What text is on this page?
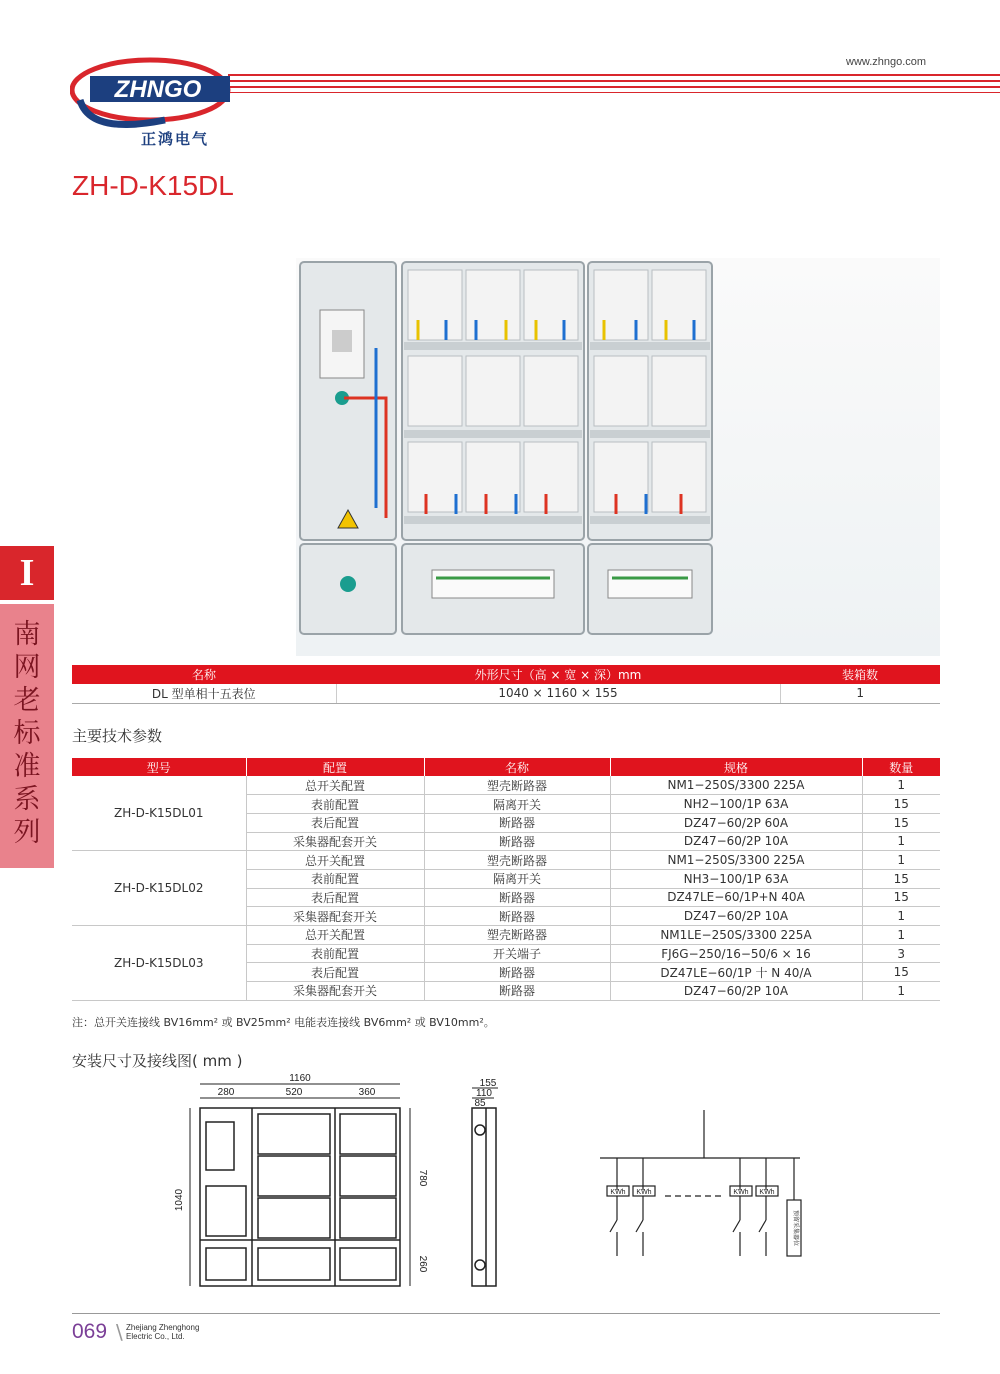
www.zhngo.com
ZHNGO
正鸿电气
ZH-D-K15DL
I
南
网
老
标
准
系
列
名称	外形尺寸（高 × 宽 × 深）mm	装箱数
DL 型单相十五表位	1040 × 1160 × 155	1
主要技术参数
型号	配置	名称	规格	数量
ZH-D-K15DL01	总开关配置	塑壳断路器	NM1−250S/3300 225A	1
	表前配置	隔离开关	NH2−100/1P 63A	15
	表后配置	断路器	DZ47−60/2P 60A	15
	采集器配套开关	断路器	DZ47−60/2P 10A	1
ZH-D-K15DL02	总开关配置	塑壳断路器	NM1−250S/3300 225A	1
	表前配置	隔离开关	NH3−100/1P 63A	15
	表后配置	断路器	DZ47LE−60/1P+N 40A	15
	采集器配套开关	断路器	DZ47−60/2P 10A	1
ZH-D-K15DL03	总开关配置	塑壳断路器	NM1LE−250S/3300 225A	1
	表前配置	开关端子	FJ6G−250/16−50/6 × 16	3
	表后配置	断路器	DZ47LE−60/1P 十 N 40/A	15
	采集器配套开关	断路器	DZ47−60/2P 10A	1
注：总开关连接线 BV16mm² 或 BV25mm² 电能表连接线 BV6mm² 或 BV10mm²。
安装尺寸及接线图( mm )
1160
280	520	360
1040
780
260
155
110
85
KWh KWh	KWh KWh
预留采集器位
069 \ Zhejiang Zhenghong
Electric Co., Ltd.
